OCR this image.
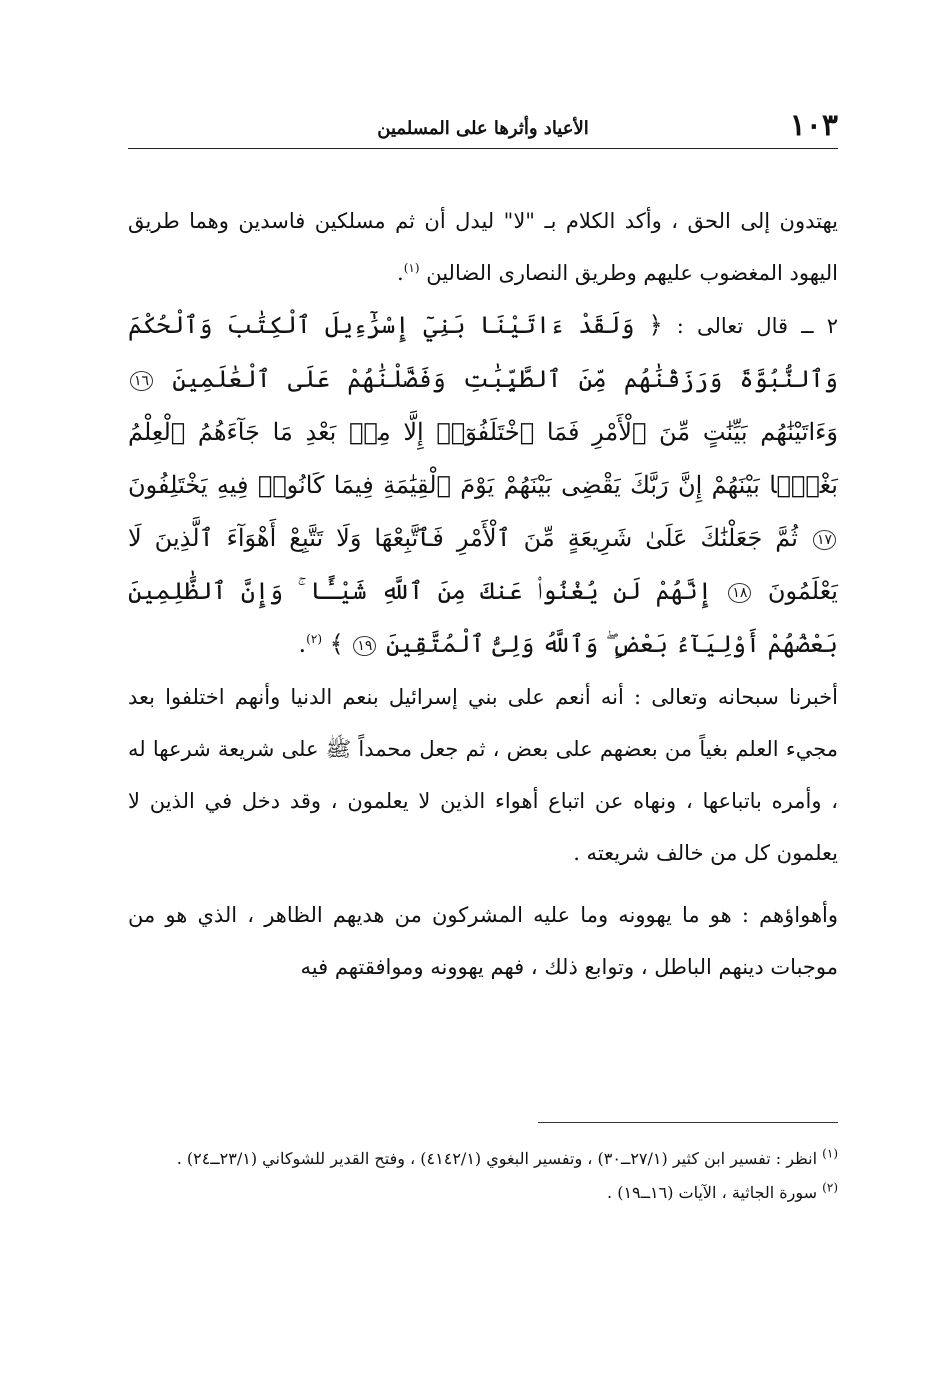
١٠٣
الأعياد وأثرها على المسلمين

يهتدون إلى الحق ، وأكد الكلام بـ "لا" ليدل أن ثم مسلكين فاسدين وهما طريق اليهود المغضوب عليهم وطريق النصارى الضالين $^{(١)}$.

٢ ــ قال تعالى : ﴿ وَلَقَدْ ءَاتَيْنَا بَنِيٓ إِسْرَٰٓءِيلَ ٱلْكِتَٰبَ وَٱلْحُكْمَ وَٱلنُّبُوَّةَ وَرَزَقْنَٰهُم مِّنَ ٱلطَّيِّبَٰتِ وَفَضَّلْنَٰهُمْ عَلَى ٱلْعَٰلَمِينَ ١٦ وَءَاتَيْنَٰهُم بَيِّنَٰتٍ مِّنَ ٱلْأَمْرِ فَمَا ٱخْتَلَفُوٓا۟ إِلَّا مِنۢ بَعْدِ مَا جَآءَهُمُ ٱلْعِلْمُ بَغْيًۢا بَيْنَهُمْ إِنَّ رَبَّكَ يَقْضِى بَيْنَهُمْ يَوْمَ ٱلْقِيَٰمَةِ فِيمَا كَانُوا۟ فِيهِ يَخْتَلِفُونَ ١٧ ثُمَّ جَعَلْنَٰكَ عَلَىٰ شَرِيعَةٍ مِّنَ ٱلْأَمْرِ فَٱتَّبِعْهَا وَلَا تَتَّبِعْ أَهْوَآءَ ٱلَّذِينَ لَا يَعْلَمُونَ ١٨ إِنَّهُمْ لَن يُغْنُوا۟ عَنكَ مِنَ ٱللَّهِ شَيْـًٔا ۚ وَإِنَّ ٱلظَّٰلِمِينَ بَعْضُهُمْ أَوْلِيَآءُ بَعْضٍ ۖ وَٱللَّهُ وَلِىُّ ٱلْمُتَّقِينَ ١٩ ﴾ $^{(٢)}$.

أخبرنا سبحانه وتعالى : أنه أنعم على بني إسرائيل بنعم الدنيا وأنهم اختلفوا بعد مجيء العلم بغياً من بعضهم على بعض ، ثم جعل محمداً ﷺ على شريعة شرعها له ، وأمره باتباعها ، ونهاه عن اتباع أهواء الذين لا يعلمون ، وقد دخل في الذين لا يعلمون كل من خالف شريعته .

وأهواؤهم : هو ما يهوونه وما عليه المشركون من هديهم الظاهر ، الذي هو من موجبات دينهم الباطل ، وتوابع ذلك ، فهم يهوونه وموافقتهم فيه

$^{(١)}$ انظر : تفسير ابن كثير (٢٧/١ــ٣٠) ، وتفسير البغوي (٤١٤٢/١) ، وفتح القدير للشوكاني (٢٣/١ــ٢٤) .

$^{(٢)}$ سورة الجاثية ، الآيات (١٦ــ١٩) .
